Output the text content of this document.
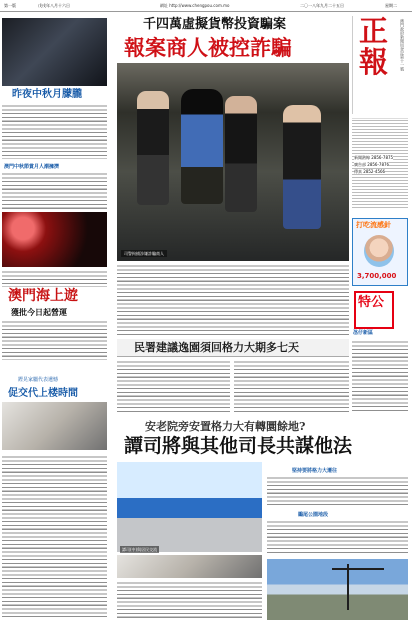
第一版	戊戌年八月十六日	網址 http://www.chengpou.com.mo	二〇一八年九月二十五日	星期二
正報	澳門政府新聞局登記第十一號
新聞熱線 2856-7875
廣告部 2856-7876
傳真 2852-4566
昨夜中秋月朦朧
澳門中秋節賞月人潮擁擠
澳門海上遊
獲批今日起營運
鏗晃家屬代表遺憾
促交代上楼時間
千四萬虛擬貨幣投資騙案
報案商人被控詐騙
司警拘捕涉嫌詐騙商人
打吃流感針
3,700,000
民署建議逸園須回格力大期多七天
特公
氹仔新區
安老院旁安置格力大有轉圜餘地?
譚司將與其他司長共謀他法
譚司(中)與居民交流
堅持要將格力大遷往
鵰尾公園地段
